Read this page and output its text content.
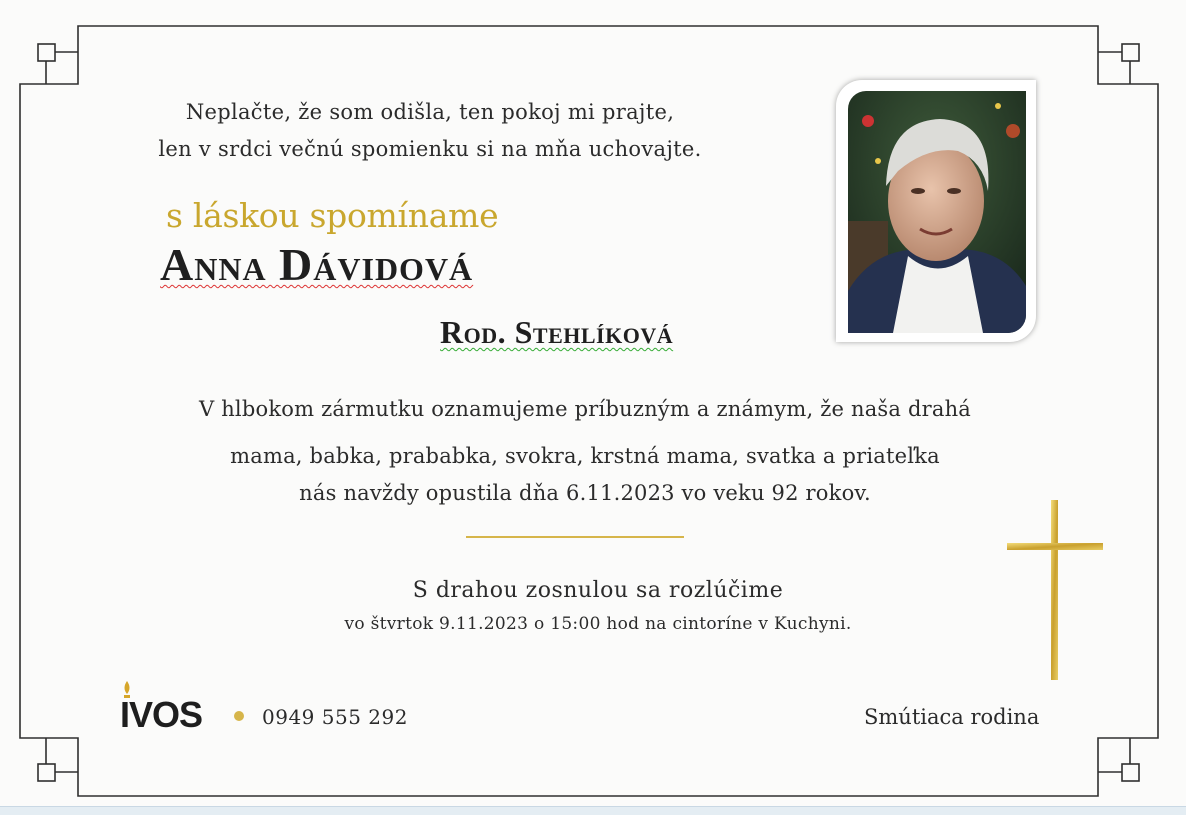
Neplačte, že som odišla, ten pokoj mi prajte,
len v srdci večnú spomienku si na mňa uchovajte.

s láskou spomíname
Anna Dávidová
Rod. Stehlíková
V hlbokom zármutku oznamujeme príbuzným a známym, že naša drahá
mama, babka, prababka, svokra, krstná mama, svatka a priateľka
nás navždy opustila dňa 6.11.2023 vo veku 92 rokov.
S drahou zosnulou sa rozlúčime
vo štvrtok 9.11.2023 o 15:00 hod na cintoríne v Kuchyni.
IVOS	0949 555 292	Smútiaca rodina
